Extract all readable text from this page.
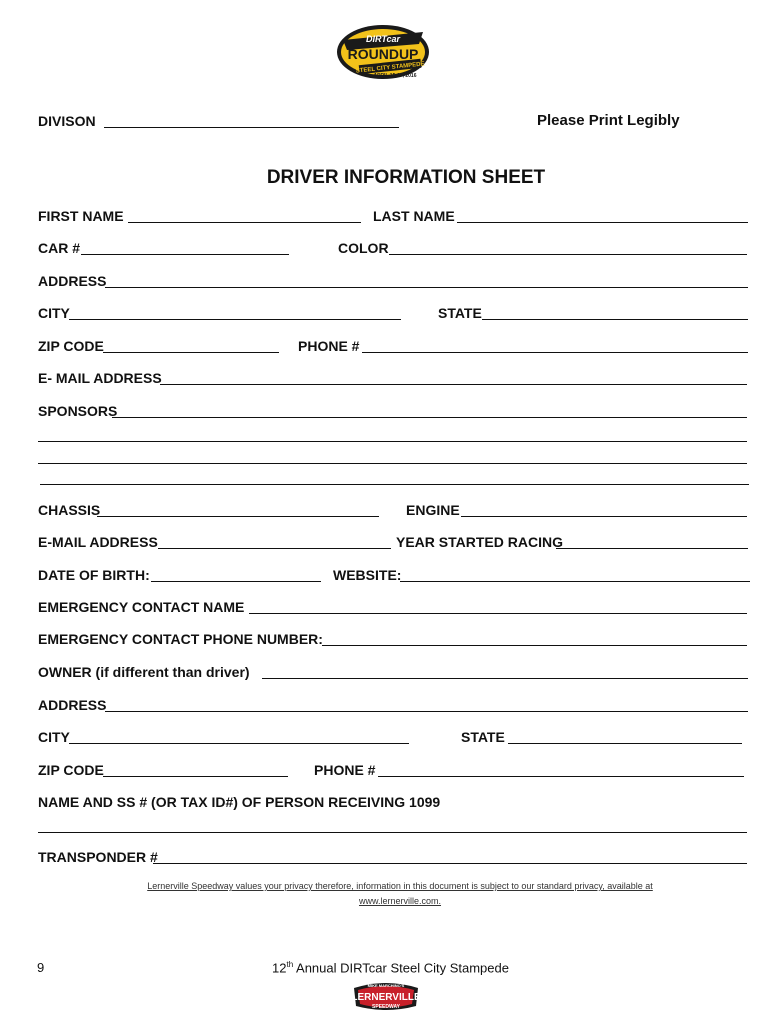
DIRTcar
ROUNDUP
STEEL CITY STAMPEDE
APRIL 15-17, 2016
DIVISON	Please Print Legibly
DRIVER INFORMATION SHEET
FIRST NAME	LAST NAME
CAR #	COLOR
ADDRESS
CITY	STATE
ZIP CODE	PHONE #
E- MAIL ADDRESS
SPONSORS
CHASSIS	ENGINE
E-MAIL ADDRESS	YEAR STARTED RACING
DATE OF BIRTH:	WEBSITE:
EMERGENCY CONTACT NAME
EMERGENCY CONTACT PHONE NUMBER:
OWNER (if different than driver)
ADDRESS
CITY	STATE
ZIP CODE	PHONE #
NAME AND SS # (OR TAX ID#) OF PERSON RECEIVING 1099
TRANSPONDER #
Lernerville Speedway values your privacy therefore, information in this document is subject to our standard privacy, available at
www.lernerville.com.
9	12th Annual DIRTcar Steel City Stampede
MIKE MARCHINO'S
LERNERVILLE
SPEEDWAY
